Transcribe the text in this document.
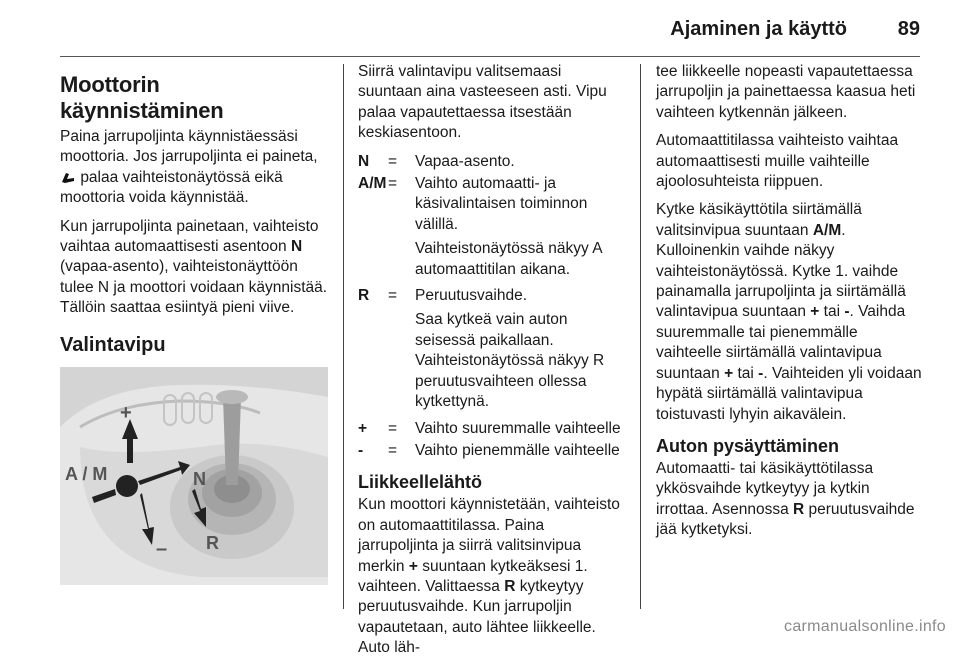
Ajaminen ja käyttö	89
Moottorin käynnistäminen

Paina jarrupoljinta käynnistäessäsi moottoria. Jos jarrupoljinta ei paineta,  palaa vaihteistonäytössä eikä moottoria voida käynnistää.

Kun jarrupoljinta painetaan, vaihteisto vaihtaa automaattisesti asentoon N (vapaa-asento), vaihteistonäyttöön tulee N ja moottori voidaan käynnistää. Tällöin saattaa esiintyä pieni viive.

Valintavipu
+
A / M	N
– R

Siirrä valintavipu valitsemaasi suuntaan aina vasteeseen asti. Vipu palaa vapautettaessa itsestään keskiasentoon.

N	=	Vapaa-asento.
A/M =	Vaihto automaatti- ja käsivalintaisen toiminnon välillä.

Vaihteistonäytössä näkyy A automaattitilan aikana.

R	=	Peruutusvaihde.

Saa kytkeä vain auton seisessä paikallaan. Vaihteistonäytössä näkyy R peruutusvaihteen ollessa kytkettynä.

+	=	Vaihto suuremmalle vaihteelle
-	=	Vaihto pienemmälle vaihteelle
Liikkeellelähtö

Kun moottori käynnistetään, vaihteisto on automaattitilassa. Paina jarrupoljinta ja siirrä valitsinvipua merkin + suuntaan kytkeäksesi 1. vaihteen. Valittaessa R kytkeytyy peruutusvaihde. Kun jarrupoljin vapautetaan, auto lähtee liikkeelle. Auto läh-

tee liikkeelle nopeasti vapautettaessa jarrupoljin ja painettaessa kaasua heti vaihteen kytkennän jälkeen.

Automaattitilassa vaihteisto vaihtaa automaattisesti muille vaihteille ajoolosuhteista riippuen.

Kytke käsikäyttötila siirtämällä valitsinvipua suuntaan A/M. Kulloinenkin vaihde näkyy vaihteistonäytössä. Kytke 1. vaihde painamalla jarrupoljinta ja siirtämällä valintavipua suuntaan + tai -. Vaihda suuremmalle tai pienemmälle vaihteelle siirtämällä valintavipua suuntaan + tai -. Vaihteiden yli voidaan hypätä siirtämällä valintavipua toistuvasti lyhyin aikavälein.

Auton pysäyttäminen

Automaatti- tai käsikäyttötilassa ykkösvaihde kytkeytyy ja kytkin irrottaa. Asennossa R peruutusvaihde jää kytketyksi.

carmanualsonline.info
